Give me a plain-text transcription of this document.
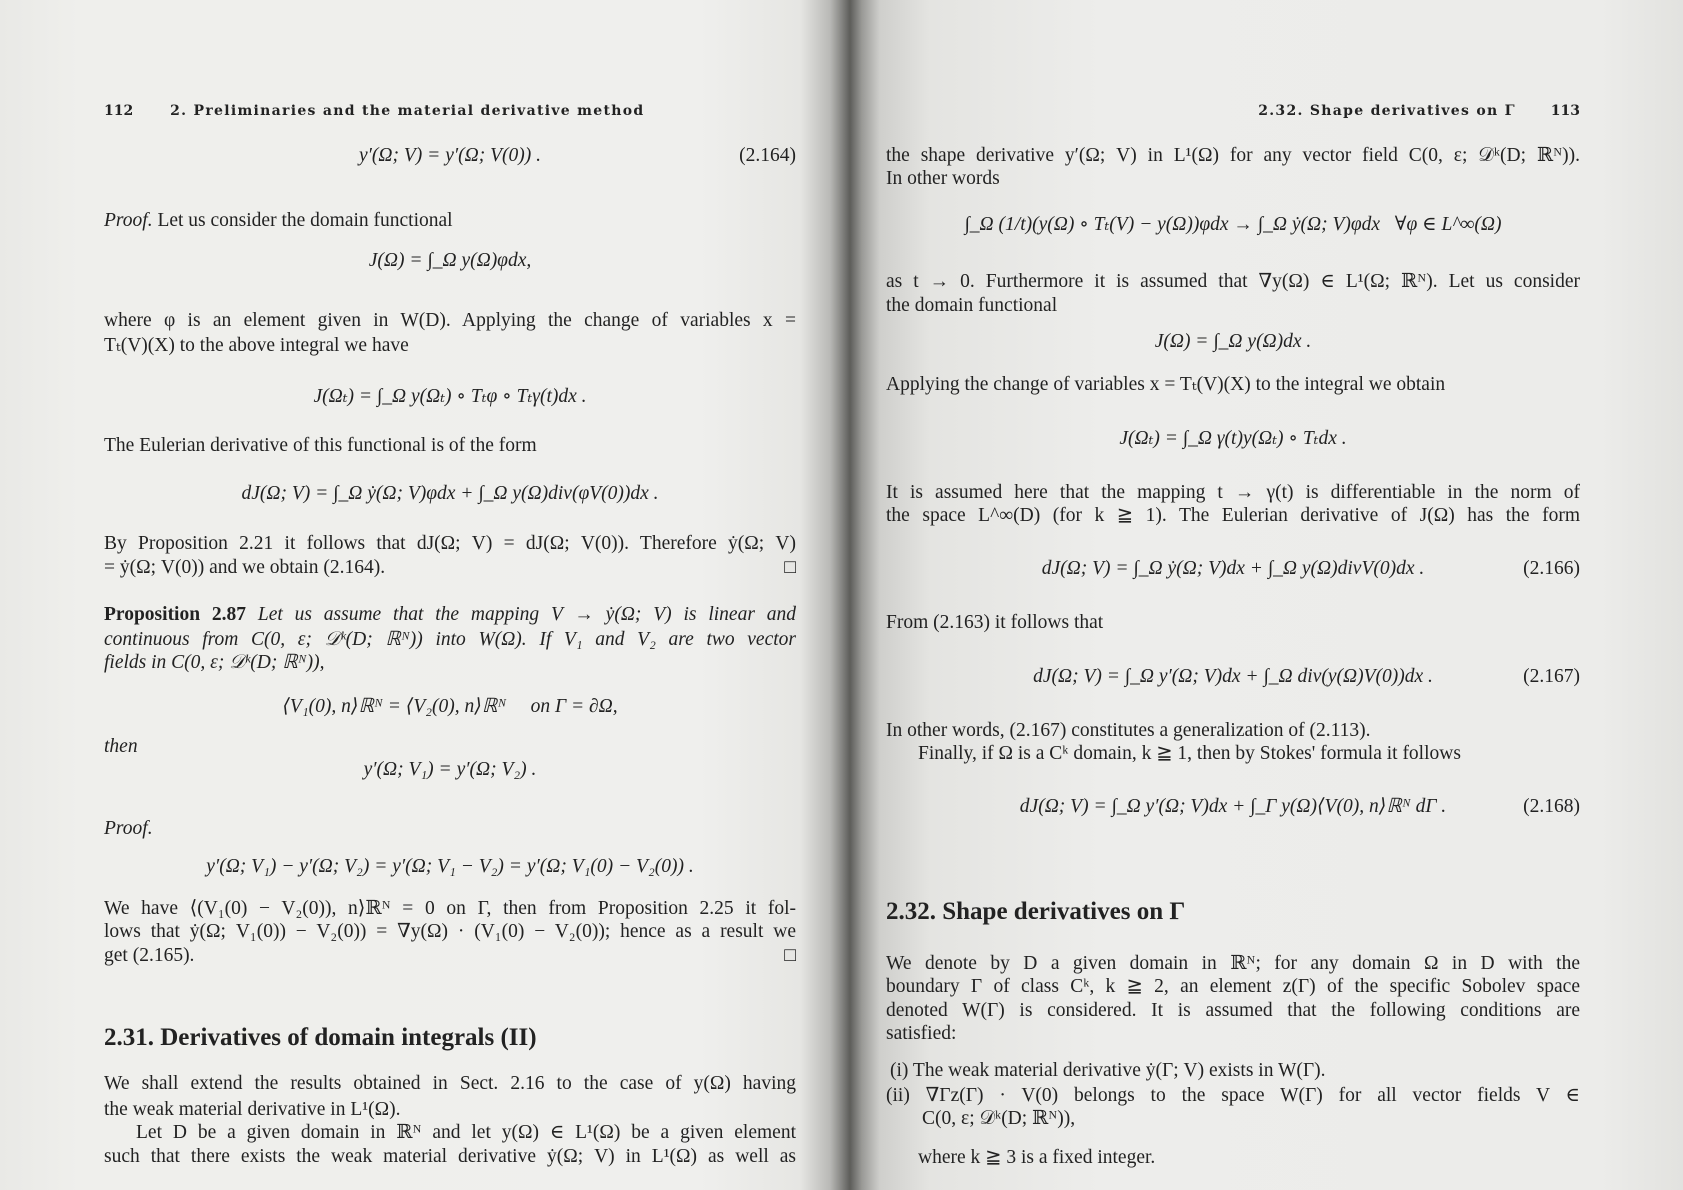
112	2. Preliminaries and the material derivative method
y′(Ω; V) = y′(Ω; V(0)) .	(2.164)
Proof. Let us consider the domain functional
J(Ω) = ∫_Ω y(Ω)φdx,
where φ is an element given in W(D). Applying the change of variables x =
Tₜ(V)(X) to the above integral we have
J(Ωₜ) = ∫_Ω y(Ωₜ) ∘ Tₜφ ∘ Tₜγ(t)dx .
The Eulerian derivative of this functional is of the form
dJ(Ω; V) = ∫_Ω ẏ(Ω; V)φdx + ∫_Ω y(Ω)div(φV(0))dx .
By Proposition 2.21 it follows that dJ(Ω; V) = dJ(Ω; V(0)). Therefore ẏ(Ω; V)
= ẏ(Ω; V(0)) and we obtain (2.164).	□
Proposition 2.87 Let us assume that the mapping V → ẏ(Ω; V) is linear and
continuous from C(0, ε; 𝒟ᵏ(D; ℝᴺ)) into W(Ω). If V₁ and V₂ are two vector
fields in C(0, ε; 𝒟ᵏ(D; ℝᴺ)),
⟨V₁(0), n⟩ℝᴺ = ⟨V₂(0), n⟩ℝᴺ     on Γ = ∂Ω,
then
y′(Ω; V₁) = y′(Ω; V₂) .
Proof.
y′(Ω; V₁) − y′(Ω; V₂) = y′(Ω; V₁ − V₂) = y′(Ω; V₁(0) − V₂(0)) .
We have ⟨(V₁(0) − V₂(0)), n⟩ℝᴺ = 0 on Γ, then from Proposition 2.25 it fol-
lows that ẏ(Ω; V₁(0)) − V₂(0)) = ∇y(Ω) · (V₁(0) − V₂(0)); hence as a result we
get (2.165).	□
2.31. Derivatives of domain integrals (II)
We shall extend the results obtained in Sect. 2.16 to the case of y(Ω) having
the weak material derivative in L¹(Ω).
Let D be a given domain in ℝᴺ and let y(Ω) ∈ L¹(Ω) be a given element
such that there exists the weak material derivative ẏ(Ω; V) in L¹(Ω) as well as
2.32. Shape derivatives on Γ 113
the shape derivative y′(Ω; V) in L¹(Ω) for any vector field C(0, ε; 𝒟ᵏ(D; ℝᴺ)).
In other words
∫_Ω (1/t)(y(Ω) ∘ Tₜ(V) − y(Ω))φdx → ∫_Ω ẏ(Ω; V)φdx   ∀φ ∈ L^∞(Ω)
as t → 0. Furthermore it is assumed that ∇y(Ω) ∈ L¹(Ω; ℝᴺ). Let us consider
the domain functional
J(Ω) = ∫_Ω y(Ω)dx .
Applying the change of variables x = Tₜ(V)(X) to the integral we obtain
J(Ωₜ) = ∫_Ω γ(t)y(Ωₜ) ∘ Tₜdx .
It is assumed here that the mapping t → γ(t) is differentiable in the norm of
the space L^∞(D) (for k ≧ 1). The Eulerian derivative of J(Ω) has the form
dJ(Ω; V) = ∫_Ω ẏ(Ω; V)dx + ∫_Ω y(Ω)divV(0)dx .	(2.166)
From (2.163) it follows that
dJ(Ω; V) = ∫_Ω y′(Ω; V)dx + ∫_Ω div(y(Ω)V(0))dx .	(2.167)
In other words, (2.167) constitutes a generalization of (2.113).
Finally, if Ω is a Cᵏ domain, k ≧ 1, then by Stokes' formula it follows
dJ(Ω; V) = ∫_Ω y′(Ω; V)dx + ∫_Γ y(Ω)⟨V(0), n⟩ℝᴺ dΓ .	(2.168)
2.32. Shape derivatives on Γ
We denote by D a given domain in ℝᴺ; for any domain Ω in D with the
boundary Γ of class Cᵏ, k ≧ 2, an element z(Γ) of the specific Sobolev space
denoted W(Γ) is considered. It is assumed that the following conditions are
satisfied:
(i) The weak material derivative ẏ(Γ; V) exists in W(Γ).
(ii) ∇Γz(Γ) · V(0) belongs to the space W(Γ) for all vector fields V ∈
C(0, ε; 𝒟ᵏ(D; ℝᴺ)),
where k ≧ 3 is a fixed integer.
